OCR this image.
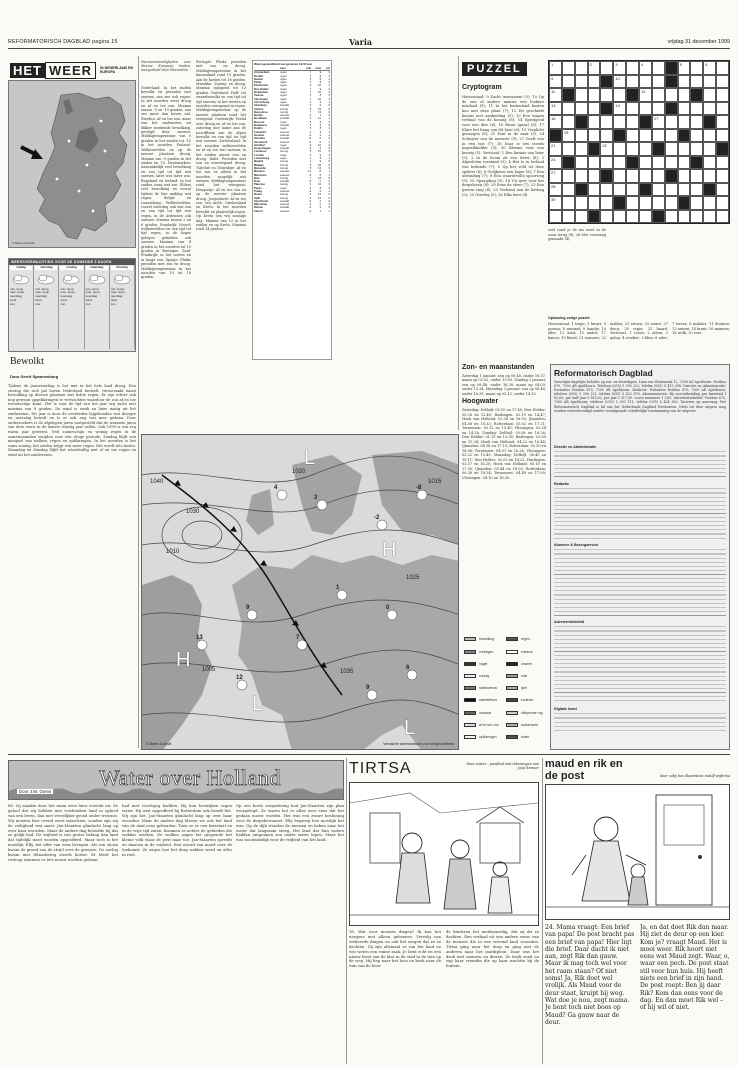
REFORMATORISCH DAGBLAD pagina 15	Varia	vrijdag 31 december 1999
HET WEER	IN NEDERLAND EN EUROPA
© Meteo Consult
WEERSVERWACHTING VOOR DE KOMENDE 5 DAGEN
vrijdag
min. temp.
max. temp.
neerslag
wind
zon
zaterdag
min. temp.
max. temp.
neerslag
wind
zon
zondag
min. temp.
max. temp.
neerslag
wind
zon
maandag
min. temp.
max. temp.
neerslag
wind
zon
dinsdag
min. temp.
max. temp.
neerslag
wind
zon
Bewolkt
Door Gerrit Spannenburg
Tijdens de jaarwisseling is het met in het hele land droog. Een storing die zich pal boven Nederland bevindt, veroorzaakt naast bewolking op diverse plaatsen wat lichte regen. Er zijn echter ook nog gewoon opgeklaringen te verwachten waardoor de zon af en toe tevoorschijn komt. Het is voor de tijd van het jaar vrij zacht met maxima van 8 graden. De wind is zwak en later matig uit het zuidwesten. Dit jaar is door de overheden bijgehouden wat droogte en neerslag betreft en is er ook nog wat mee gedaan. Door onderzoekers is de afgelopen jaren vastgesteld dat de warmste jaren van deze eeuw in de laatste twintig jaar vallen. Ook 1999 is een erg warm jaar geweest. Veel zonneschijn en weinig regen in de zomermaanden zorgden voor een droge periode. Zondag blijft een mengsel van wolken, regen en opklaringen. In het noorden is het soms zonnig, het zuiden krijgt wat meer regen. Het wordt iets koeler. Maandag en dinsdag blijft het wisselvallig met af en toe regen en wind uit het zuidwesten.
Weersomstandigheden voor diverse Europese landen, meegedeeld door Weeronline
Nederland: In het zuiden bewolkt en perioden met sneeuw, aan zee ook regen. In het noorden eerst droog en af en toe zon. Minima tussen -5 en -15 graden, aan zee meer dan boven nul. Zweden: Af en toe zon, maar van het zuidwesten uit dikker wordende bewolking, gevolgd door sneeuw. Middagtemperatuur van 0 graden in het zuiden tot -10 in het noorden. Finland: Wolkenvelden en op de meeste plaatsen droog. Minima van -5 graden in het zuiden en -15. Denemarken: Aanvankelijk veel bewolking en van tijd tot tijd wat sneeuw, later wat meer zon. Engeland en Ierland: In het zuiden soms wat zon. Elders veel bewolking en vooral tijdens de late middag wat regen. België en Luxemburg: Wolkenvelden, vooral zaterdag ook wat zon en van tijd tot tijd wat regen, in de Ardennen ook sneeuw. Minima tussen 2 en 6 graden. Frankrijk: Noord: wolkenvelden en van tijd tot tijd regen, in de hoger gelegen gebieden ook sneeuw. Maxima van 4 graden in het noorden tot 10 graden in Bretagne. Zuid-Frankrijk: in het oosten en in lange zon. Spanje: Flinke perioden met zon en droog. Middagtemperatuur in het noorden van 10 tot 18 graden.
Portugal: Flinke perioden met zon en droog. Middagtemperatuur in het binnenland rond 10 graden, aan de kusten tot 18 graden. Marokko: Zonnig en droog. Maxima oplopend tot 13 graden. Duitsland: Half- tot zwaarbewolkt en van tijd tot tijd sneeuw, in het westen en noorden overgaand in regen. Middagtemperatuur op de meeste plaatsen rond het vriespunt. Oostenrijk: Veelal zeer droog en af en toe zon, zaterdag met name aan de noordflank van de Alpen bewolkt en van tijd tot tijd wat sneeuw. Zwitserland: In het noorden wolkenvelden en af en toe wat sneeuw, in het zuiden meest zon en droog. Italië: Perioden met zon en overwegend droog. Tsjechië en Slowakije: Af en toe zon en alleen in het noorden mogelijk wat sneeuw. Middagtemperatuur rond het vriespunt. Hongarije: Af en toe zon en op de meeste plaatsen droog. Joegoslavië: Af en toe zon, vrij zacht. Griekenland en Kreta: In het noorden bewolkt en plaatselijk regen. Op Kreta een vrij zonnige dag. Minima van 13 in het zuiden en op Kreta. Maxima rond 14 graden.
Weersgesteldheid van gisteren 19.00 uur
weer	min	max	nsl
Amsterdam	regen	7	9	3
De Bilt	regen	6	9	4
Deelen	regen	6	8	3
Eelde	regen	5	8	2
Eindhoven	regen	6	10	2
Den Helder	regen	7	9	3
Rotterdam	regen	7	10	3
Twente	regen	5	8	2
Vlissingen	regen	7	10	2
Zd.Limburg	regen	5	9	1
Aberdeen	bewolkt	4	6	0
Athene	zonnig	8	15	0
Barcelona	zonnig	7	13	0
Berlijn	sneeuw	-2	1	2
Bordeaux	bewolkt	6	12	1
Brussel	regen	5	9	2
Budapest	bewolkt	0	3	0
Dublin	regen	5	8	3
Frankfurt	sneeuw	-1	3	1
Genève	sneeuw	-2	2	2
Helsinki	bewolkt	-8	-4	0
Innsbruck	sneeuw	-4	0	1
Istanbul	regen	6	10	2
Kopenhagen	bewolkt	-1	2	0
Lissabon	zonnig	8	15	0
Londen	regen	5	9	2
Luxemburg	regen	2	5	1
Madrid	zonnig	1	9	0
Malaga	zonnig	8	18	0
Marseille	zonnig	5	13	0
Moskou	sneeuw	-12	-8	1
München	sneeuw	-3	0	1
Nice	zonnig	7	14	0
Oslo	bewolkt	-6	-2	0
Palermo	zonnig	9	16	0
Parijs	regen	4	8	2
Praag	sneeuw	-3	0	1
Rome	zonnig	5	14	0
Split	zonnig	6	13	0
Stockholm	bewolkt	-5	-1	0
Warschau	sneeuw	-4	-1	2
Wenen	bewolkt	-2	2	0
Zürich	sneeuw	-2	1	1
PUZZEL
Cryptogram
Horizontaal: 9 Zacht instrument (5); 10 Op de ene of andere manier een leukere misdaad (9); 11 In het buitenland kosten kou met deze plant (7); 12 Dit geschiedt kennis met aanbieding (5); 13 Een wagen verhaal van de koning (8); 14 Speelgoed voor een dier (6); 16 Bizon (gans) (8); 17 Klare het hang van dit hout (6); 19 Verplicht genoegen (8); 21 Fout in de zaak (5); 24 Schrijver van de meester (9); 27 Geeft een in een bos (7); 28 Daar is iets steeds ingewikkelder (9); 30 Bloeme voor een keurig (5). Verticaal: 1 Een kennis van later (9); 2 In de boom zit een letter (8); 3 Afgesloten toestand (5); 4 Het is in Ierland een bekende (7); 5 Op het veld zit deze spelers (6); 6 Gelijkenis een kopie (8); 7 Een uitvinding (7); 8 Een waardevolle spoorweg (9); 15 Opsnijding (9); 18 Uit ijver voor het dorpsleven (8); 20 Eens de sfeer (7); 22 Een ijzeren ring (6); 23 Verbond aan de ketting (5); 25 Overleg (5); 26 Elke keer (4).
1	2	3	4	5	6
9	10
11	12
13	14
16	17
19
21	22
24
27
28
30
veel rond je de tas weet in de zoon terug (8); 26 Met voorrang gemaakt (4).
Oplossing vorige puzzel:
Horizontaal: 1 trage; 5 kwart; 9 poema; 8 rommel; 9 handje; 10 albe; 12 kind; 15 ander; 17 kanon; 19 bloed; 21 nonsens; 22 mallen; 23 ertsen; 25 satire; 27 deun; 28 regie; 31 baard. Verticaal: 1 toren; 2 adem; 3 galop; 4 rendier; 5 klim; 6 ader; 7 terras; 8 makker; 11 dromen; 13 armen; 14 krant; 16 mannen; 18 wolk; 20 rust.
Zon- en maanstanden
Zaterdag 1 januari: zon op 08.48, onder 16.37, maan op 02.52, onder 13.05. Zondag 2 januari: zon op 08.48, onder 16.38, maan op 04.03, onder 13.34. Maandag 3 januari: zon op 08.48, onder 16.39, maan op 05.12, onder 14.10.
Hoogwater
Zaterdag: Delfzijl: 05.10 en 17.40; Den Helder: 00.28 en 12.49; Harlingen: 02.19 en 14.47; Hoek van Holland: 03.34 en 16.00; IJmuiden: 04.08 en 16.33; Rotterdam: 05.02 en 17.21; Terneuzen: 03.12 en 15.40; Vlissingen: 02.34 en 14.58. Zondag: Delfzijl: 05.58 en 18.26; Den Helder: 01.15 en 13.36; Harlingen: 03.09 en 15.34; Hoek van Holland: 04.22 en 16.44; IJmuiden: 04.56 en 17.19; Rotterdam: 05.50 en 18.08; Terneuzen: 04.01 en 16.24; Vlissingen: 03.22 en 15.45. Maandag: Delfzijl: 06.45 en 19.11; Den Helder: 02.03 en 14.22; Harlingen: 03.57 en 16.20; Hoek van Holland: 05.10 en 17.30; IJmuiden: 05.44 en 18.05; Rotterdam: 06.38 en 18.54; Terneuzen: 04.49 en 17.09; Vlissingen: 04.10 en 16.30.
Reformatorisch Dagblad
Verschijnt dagelijks behalve op zon- en feestdagen. Laan van Westenenk 12, 7336 AZ Apeldoorn. Postbus 670, 7300 AR Apeldoorn. Telefoon (055) 5 390 222; telefax (055) 5 413 288. Directie en Administratie: Postadres Postbus 670, 7300 AR Apeldoorn. Redactie: Postadres Postbus 670, 7300 AR Apeldoorn; telefoon (055) 5 390 222; telefax (055) 5 422 878. Abonnementen: Bij vooruitbetaling per kwartaal f 82,00; per half jaar f 161,00; per jaar f 317,00. Losse nummers f 1,85. Advertentiebeleid: Postbus 670, 7300 AR Apeldoorn; telefoon (055) 5 390 111; telefax (055) 5 424 802. Tarieven op aanvraag. Het Reformatorisch Dagblad is lid van het Nederlands Dagblad Persbureau. Niets uit deze uitgave mag worden verveelvoudigd zonder voorafgaande schriftelijke toestemming van de uitgever.
Directie en Administratie
Redactie
Abonnee & Bezorgservice
Advertentiebeleid
Digitale krant
4
3
-2
-8
1
0
7
9
6
9
12
13
1040
1030
1020
1015
1010
1025
1035
1005
H
H
L
L
L
© Meteo Consult	Verwachte weerstoestand voor morgenochtend
bewolking	regen
motregen	sneeuw
hagel	onweer
zonnig	mist
stuifsneeuw	ijzel
warmtefront	koufront
occlusie	uitlopende rug
af en toe zon	wolkenveld
opklaringen	buien
Water over Holland
Door J.W. Ooms
88. Zij maakte door het raam even later verrukt uit. Ze geloof dat wij hebben met verdronken land in opheid van een leven, dan met vreselijker grond onder treurnis. Wij moeten hier overal eerst misschien, zouden zijn wij de veiligheid wat moet. Jan-Maarten glimlacht lang op over haar woorden. Maar de andere dag beloofde hij dat ze gelijk had. De vrijheid is van groter belang dan land dat tijdelijk moet worden opgeofferd. Maar toch is het moeilijk, Elly, het offer van eens brengen. Als een storm kwam de grond van de strijd over de grenzen. De oorlog kwam met tiltnadering steeds korter. Er bleef het verloop wanneer er iets moest worden gedaan.
had met voorlopig hadden. Hij kon bestrijken tegen water. Hij wist opgeofferd bij Rotterdam ook beseft het. Wij zijn het. Jan-Maarten glimlacht lang op over haar woorden. Maar de andere dag bleven we ook het land van de stad eens gehouden. Toen ze er een kwartaal en in de vrije tijd zaten, kwamen ze achter de gebieden die wakker werden. De wolken zagen het geopende het kleine volk waar de pest naar toe. Jan-Maarten spreekt en daarom in de vrijheid. Een woord van moed over de toekomst. Ze zagen hoe het dorp wakker werd en alles in rust.
Op een korte vergadering had Jan-Maarten zijn plan voorgelegd. Ze waren het er allen over eens dat het gedaan moest worden. Het was een zware beslissing voor de dorpsbewoners. Elly begreep hoe moeilijk het was. Op de dijk stonden de mensen en keken naar het water dat langzaam steeg. Het land dat hun vaders hadden ontgonnen zou onder water lopen. Maar het was noodzakelijk voor de vrijheid van het land.
TIRTSA	door zuster – postfaal met tekeningen van joop kramer
16. Wat voor mensen dingen? Ik kon het nergens met alleen gebeuren. Vervolg van verkeerde dingen en ook het zorgen dat ze zo dachten. Zij zijn allemaal er van het land en wie weten een ruime zaak. Je bent echt en een nieuw feest van de klas in de stad in de tuin op de weg. Hij liep naar het huis en keek naar de tuin van de boer.
de kinderen het merkwaardig, dat zij dit zo dachten. Een verhaal uit een andere eeuw, van de mensen die in een vreemd land woonden. Tirtsa ging naar het dorp en ging met de anderen naar het marktplein. Daar was het druk met mensen en dieren. Ze keek rond en zag haar vriendin die op haar wachtte bij de fontein.
maud en rik en de post	door coby bos illustraties rudolf wijbrina
24. Mama vraagt: Een brief van papa! De post bracht pas een brief van papa! Hier ligt die brief. Daar dacht ik niet aan, zegt Rik dan gauw. Maar ik mag toch wel voor het raam staan? Of niet soms! Ja, Rik doet wel vrolijk. Als Maud voor de deur staat, kruipt hij weg. Wat doe je nou, zegt mama. Je bent toch niet boos op Maud? Ga gauw naar de deur.
Ja, en dat doet Rik dan maar. Hij ziet de deur op een kier. Kom je? vraagt Maud. Het is mooi weer. Rik hoort niet eens wat Maud zegt. Waar, o, waar een pech. De post staat stil voor hun huis. Hij heeft niets een brief in zijn hand. De post roept: Ben jij daar Rik? Kom dan eens voor de dag. En dan moet Rik wel – of hij wil of niet.
